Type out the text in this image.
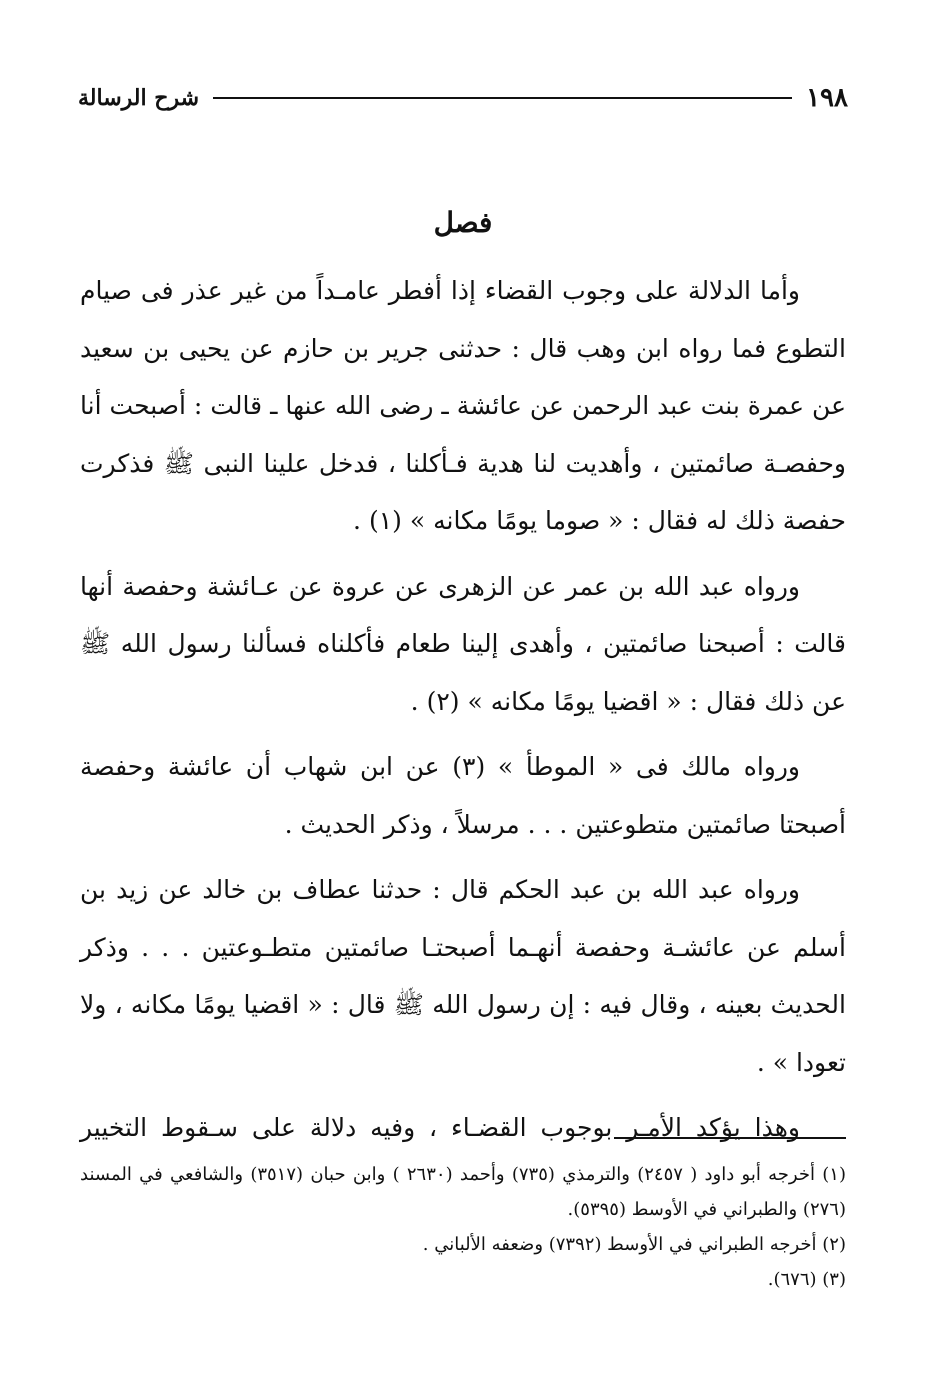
١٩٨
شرح الرسالة
فصل

وأما الدلالة على وجوب القضاء إذا أفطر عامـداً من غير عذر فى صيام التطوع فما رواه ابن وهب قال : حدثنى جرير بن حازم عن يحيى بن سعيد عن عمرة بنت عبد الرحمن عن عائشة ـ رضى الله عنها ـ قالت : أصبحت أنا وحفصـة صائمتين ، وأهديت لنا هدية فـأكلنا ، فدخل علينا النبى ﷺ فذكرت حفصة ذلك له فقال : « صوما يومًا مكانه » (١) .

ورواه عبد الله بن عمر عن الزهرى عن عروة عن عـائشة وحفصة أنها قالت : أصبحنا صائمتين ، وأهدى إلينا طعام فأكلناه فسألنا رسول الله ﷺ عن ذلك فقال : « اقضيا يومًا مكانه » (٢) .

ورواه مالك فى « الموطأ » (٣) عن ابن شهاب أن عائشة وحفصة أصبحتا صائمتين متطوعتين . . . مرسلاً ، وذكر الحديث .

ورواه عبد الله بن عبد الحكم قال : حدثنا عطاف بن خالد عن زيد بن أسلم عن عائشـة وحفصة أنهـما أصبحتـا صائمتين متطـوعتين . . . وذكر الحديث بعينه ، وقال فيه : إن رسول الله ﷺ قال : « اقضيا يومًا مكانه ، ولا تعودا » .

وهذا يؤكد الأمـر بوجوب القضـاء ، وفيه دلالة على سـقوط التخيير

(١) أخرجه أبو داود ( ٢٤٥٧) والترمذي (٧٣٥) وأحمد (٢٦٣٠ ) وابن حبان (٣٥١٧) والشافعي في المسند (٢٧٦) والطبراني في الأوسط (٥٣٩٥).

(٢) أخرجه الطبراني في الأوسط (٧٣٩٢) وضعفه الألباني .

(٣) (٦٧٦).
